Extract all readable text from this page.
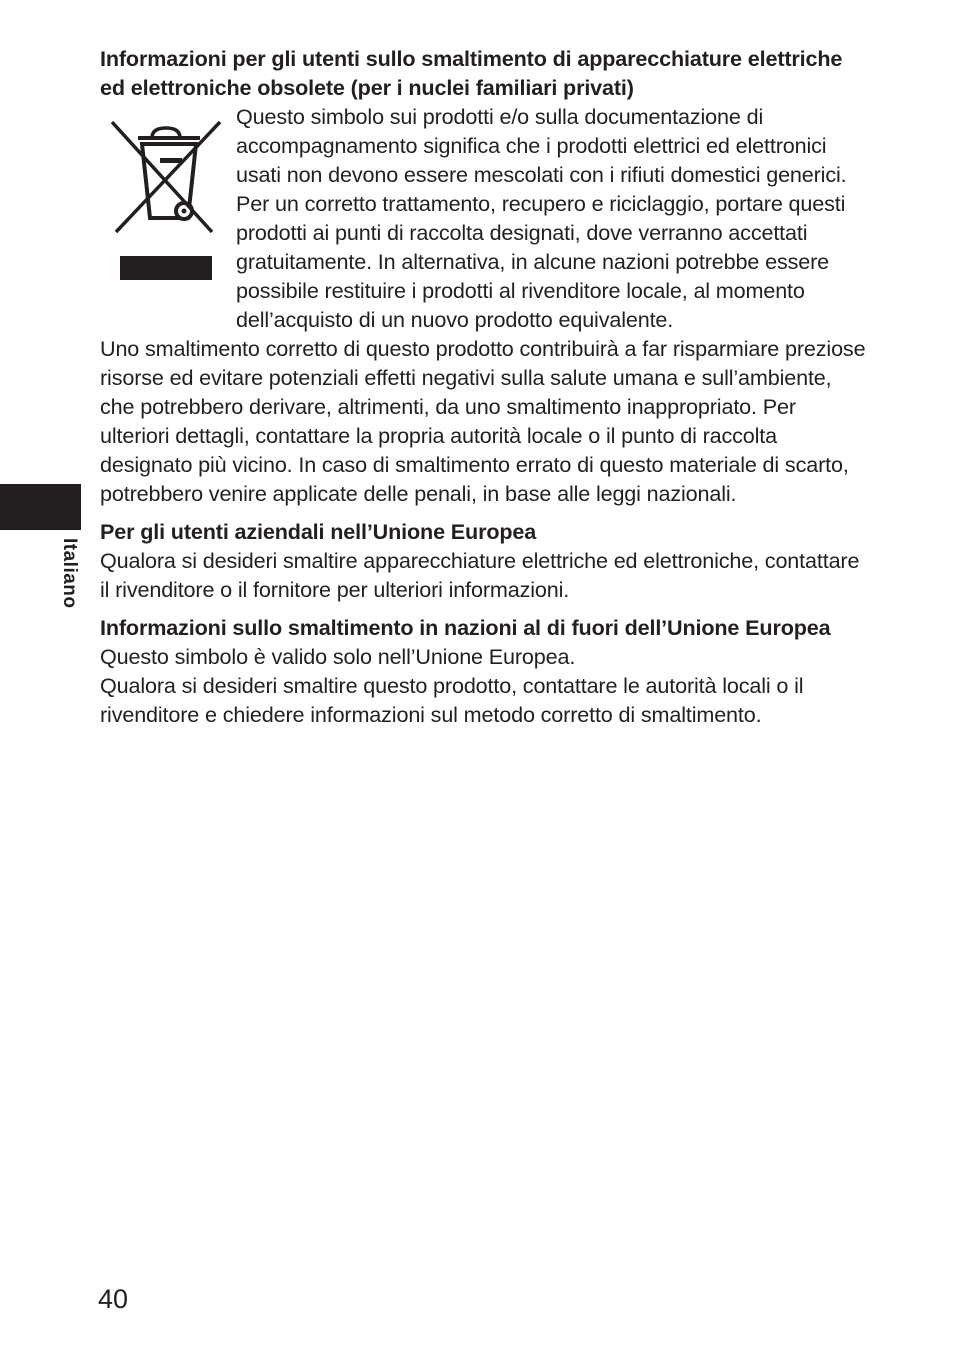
Italiano

Informazioni per gli utenti sullo smaltimento di apparecchiature elettriche ed elettroniche obsolete (per i nuclei familiari privati)

Questo simbolo sui prodotti e/o sulla documentazione di accompagnamento significa che i prodotti elettrici ed elettronici usati non devono essere mescolati con i rifiuti domestici generici.

Per un corretto trattamento, recupero e riciclaggio, portare questi prodotti ai punti di raccolta designati, dove verranno accettati gratuitamente. In alternativa, in alcune nazioni potrebbe essere possibile restituire i prodotti al rivenditore locale, al momento dell’acquisto di un nuovo prodotto equivalente.

Uno smaltimento corretto di questo prodotto contribuirà a far risparmiare preziose risorse ed evitare potenziali effetti negativi sulla salute umana e sull’ambiente, che potrebbero derivare, altrimenti, da uno smaltimento inappropriato. Per ulteriori dettagli, contattare la propria autorità locale o il punto di raccolta designato più vicino. In caso di smaltimento errato di questo materiale di scarto, potrebbero venire applicate delle penali, in base alle leggi nazionali.

Per gli utenti aziendali nell’Unione Europea

Qualora si desideri smaltire apparecchiature elettriche ed elettroniche, contattare il rivenditore o il fornitore per ulteriori informazioni.

Informazioni sullo smaltimento in nazioni al di fuori dell’Unione Europea

Questo simbolo è valido solo nell’Unione Europea.

Qualora si desideri smaltire questo prodotto, contattare le autorità locali o il rivenditore e chiedere informazioni sul metodo corretto di smaltimento.

40
